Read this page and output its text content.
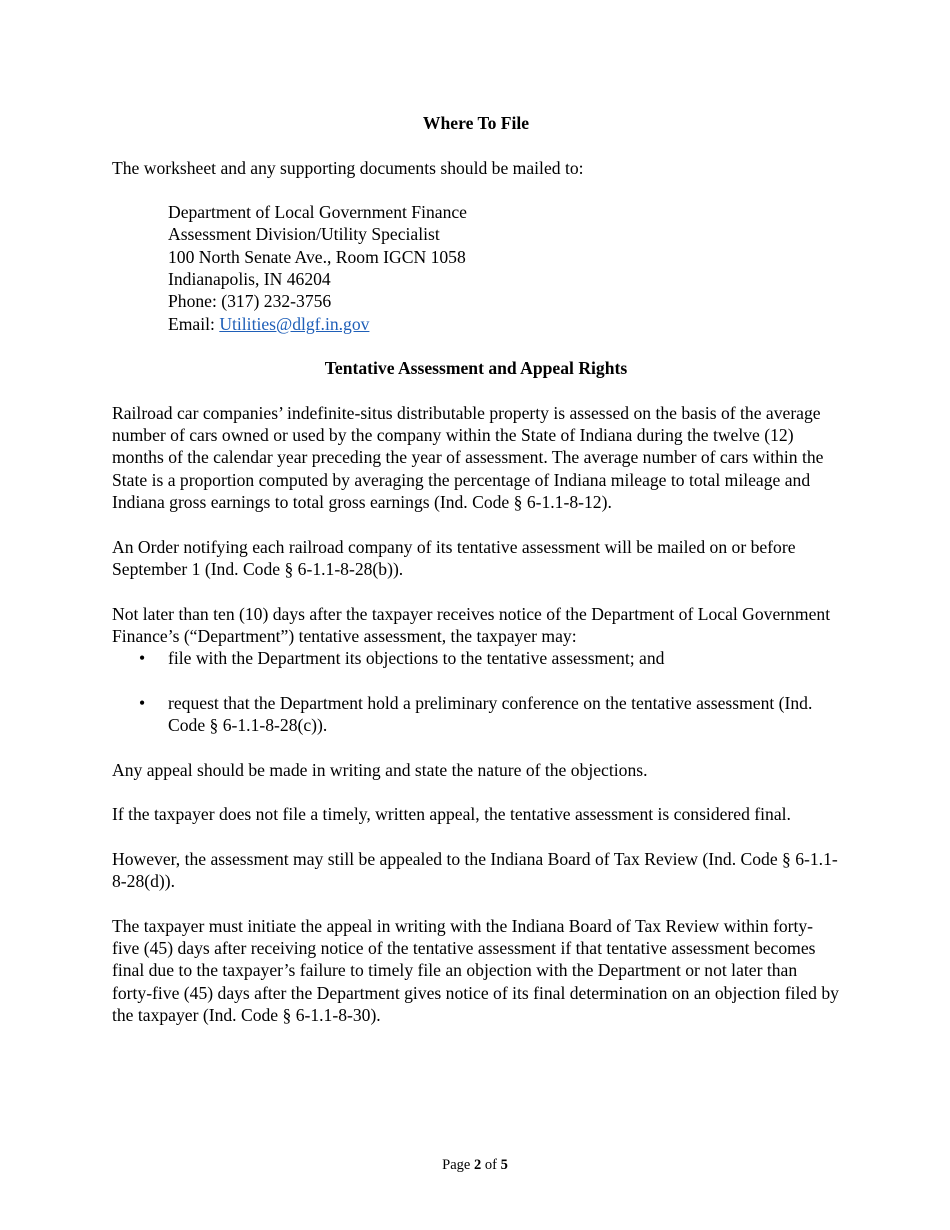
Where To File

The worksheet and any supporting documents should be mailed to:

Department of Local Government Finance
Assessment Division/Utility Specialist
100 North Senate Ave., Room IGCN 1058
Indianapolis, IN 46204
Phone: (317) 232-3756
Email: Utilities@dlgf.in.gov

Tentative Assessment and Appeal Rights

Railroad car companies’ indefinite-situs distributable property is assessed on the basis of the average number of cars owned or used by the company within the State of Indiana during the twelve (12) months of the calendar year preceding the year of assessment. The average number of cars within the State is a proportion computed by averaging the percentage of Indiana mileage to total mileage and Indiana gross earnings to total gross earnings (Ind. Code § 6-1.1-8-12).

An Order notifying each railroad company of its tentative assessment will be mailed on or before September 1 (Ind. Code § 6-1.1-8-28(b)).

Not later than ten (10) days after the taxpayer receives notice of the Department of Local Government Finance’s (“Department”) tentative assessment, the taxpayer may:

• file with the Department its objections to the tentative assessment; and
• request that the Department hold a preliminary conference on the tentative assessment (Ind. Code § 6-1.1-8-28(c)).

Any appeal should be made in writing and state the nature of the objections.

If the taxpayer does not file a timely, written appeal, the tentative assessment is considered final.

However, the assessment may still be appealed to the Indiana Board of Tax Review (Ind. Code § 6-1.1-8-28(d)).

The taxpayer must initiate the appeal in writing with the Indiana Board of Tax Review within forty-five (45) days after receiving notice of the tentative assessment if that tentative assessment becomes final due to the taxpayer’s failure to timely file an objection with the Department or not later than forty-five (45) days after the Department gives notice of its final determination on an objection filed by the taxpayer (Ind. Code § 6-1.1-8-30).

Page 2 of 5
